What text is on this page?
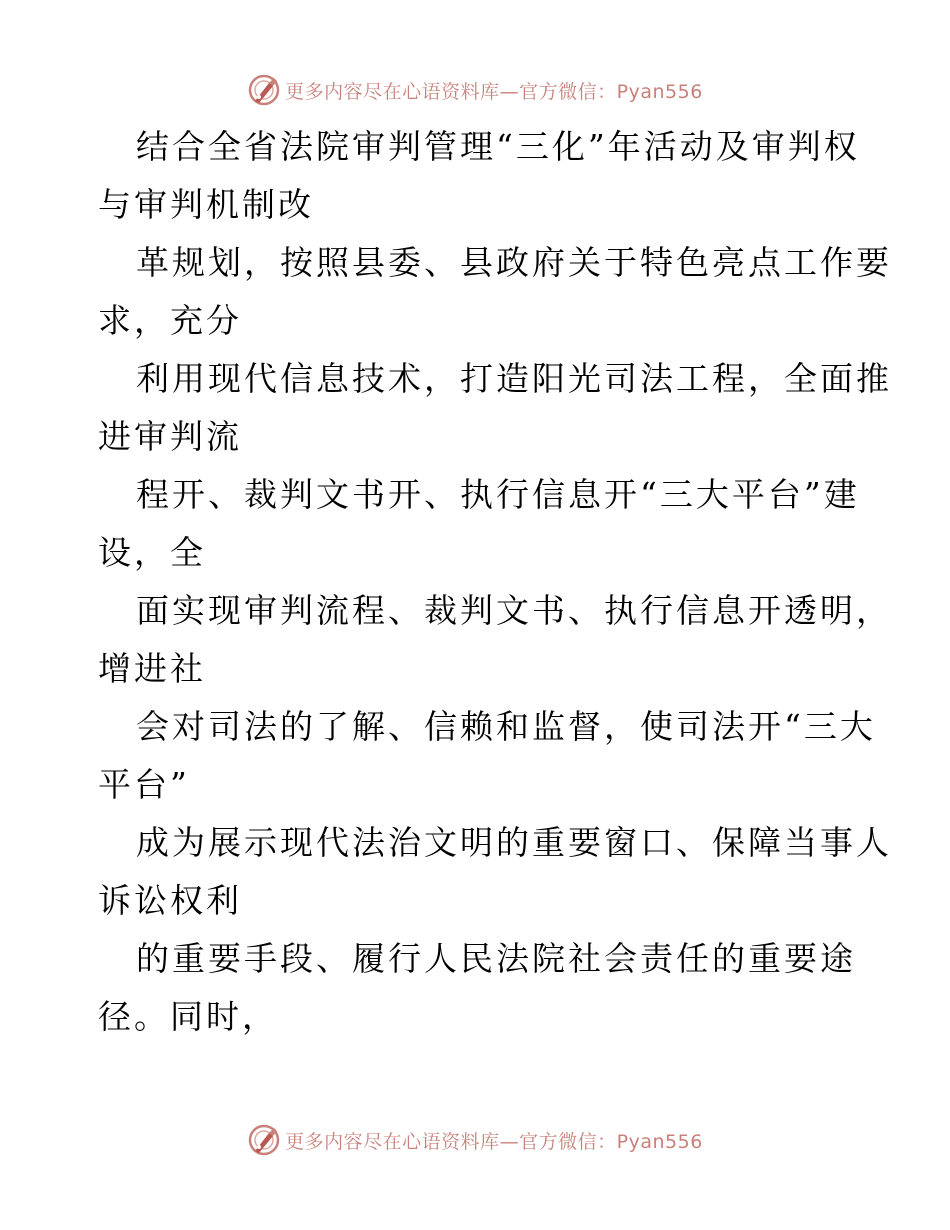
更多内容尽在心语资料库—官方微信：Pyan556
结合全省法院审判管理“三化”年活动及审判权
与审判机制改
革规划，按照县委、县政府关于特色亮点工作要
求，充分
利用现代信息技术，打造阳光司法工程，全面推
进审判流
程开、裁判文书开、执行信息开“三大平台”建
设，全
面实现审判流程、裁判文书、执行信息开透明，
增进社
会对司法的了解、信赖和监督，使司法开“三大
平台”
成为展示现代法治文明的重要窗口、保障当事人
诉讼权利
的重要手段、履行人民法院社会责任的重要途
径。同时，
更多内容尽在心语资料库—官方微信：Pyan556
